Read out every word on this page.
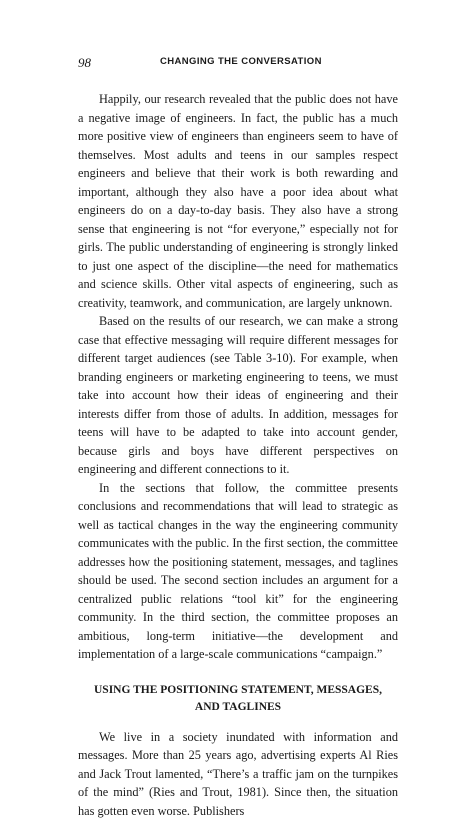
98	CHANGING THE CONVERSATION

Happily, our research revealed that the public does not have a negative image of engineers. In fact, the public has a much more positive view of engineers than engineers seem to have of themselves. Most adults and teens in our samples respect engineers and believe that their work is both rewarding and important, although they also have a poor idea about what engineers do on a day-to-day basis. They also have a strong sense that engineering is not “for everyone,” especially not for girls. The public understanding of engineering is strongly linked to just one aspect of the discipline—the need for mathematics and science skills. Other vital aspects of engineering, such as creativity, teamwork, and communication, are largely unknown.

Based on the results of our research, we can make a strong case that effective messaging will require different messages for different target audiences (see Table 3-10). For example, when branding engineers or marketing engineering to teens, we must take into account how their ideas of engineering and their interests differ from those of adults. In addition, messages for teens will have to be adapted to take into account gender, because girls and boys have different perspectives on engineering and different connections to it.

In the sections that follow, the committee presents conclusions and recommendations that will lead to strategic as well as tactical changes in the way the engineering community communicates with the public. In the first section, the committee addresses how the positioning statement, messages, and taglines should be used. The second section includes an argument for a centralized public relations “tool kit” for the engineering community. In the third section, the committee proposes an ambitious, long-term initiative—the development and implementation of a large-scale communications “campaign.”

USING THE POSITIONING STATEMENT, MESSAGES,
AND TAGLINES

We live in a society inundated with information and messages. More than 25 years ago, advertising experts Al Ries and Jack Trout lamented, “There’s a traffic jam on the turnpikes of the mind” (Ries and Trout, 1981). Since then, the situation has gotten even worse. Publishers
